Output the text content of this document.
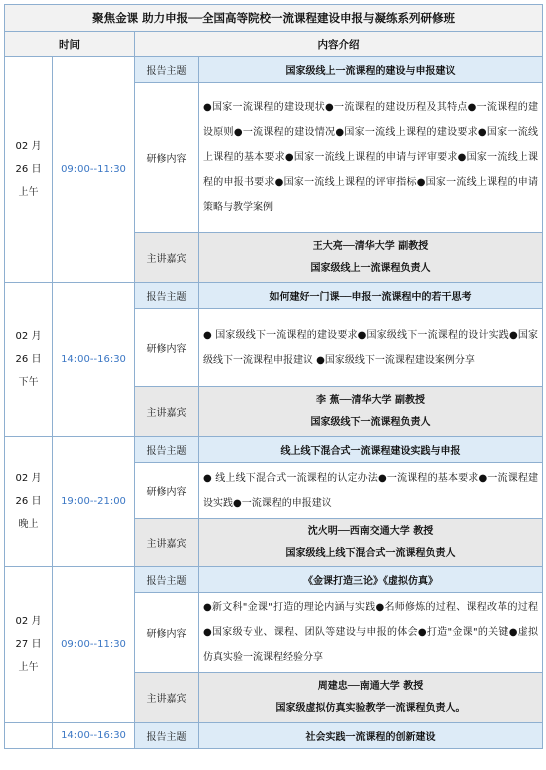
聚焦金课 助力申报──全国高等院校一流课程建设申报与凝练系列研修班			
时间		内容介绍	

02 月
26 日
上午	09:00--11:30	报告主题	国家级线上一流课程的建设与申报建议
		研修内容	●国家一流课程的建设现状●一流课程的建设历程及其特点●一流课程的建设原则●一流课程的建设情况●国家一流线上课程的建设要求●国家一流线上课程的基本要求●国家一流线上课程的申请与评审要求●国家一流线上课程的申报书要求●国家一流线上课程的评审指标●国家一流线上课程的申请策略与教学案例
		主讲嘉宾	王大亮──清华大学 副教授
国家级线上一流课程负责人

02 月
26 日
下午	14:00--16:30	报告主题	如何建好一门课──申报一流课程中的若干思考
		研修内容	● 国家级线下一流课程的建设要求●国家级线下一流课程的设计实践●国家级线下一流课程申报建议 ●国家级线下一流课程建设案例分享
		主讲嘉宾	李 蕉──清华大学 副教授
国家级线下一流课程负责人

02 月
26 日
晚上	19:00--21:00	报告主题	线上线下混合式一流课程建设实践与申报
		研修内容	● 线上线下混合式一流课程的认定办法●一流课程的基本要求●一流课程建设实践●一流课程的申报建议
		主讲嘉宾	沈火明──西南交通大学 教授
国家级线上线下混合式一流课程负责人

02 月
27 日
上午	09:00--11:30	报告主题	《金课打造三论》《虚拟仿真》
		研修内容	●新文科"金课"打造的理论内涵与实践●名师修炼的过程、课程改革的过程●国家级专业、课程、团队等建设与申报的体会●打造"金课"的关键●虚拟仿真实验一流课程经验分享
		主讲嘉宾	周建忠──南通大学 教授
国家级虚拟仿真实验教学一流课程负责人。

	14:00--16:30	报告主题	社会实践一流课程的创新建设
